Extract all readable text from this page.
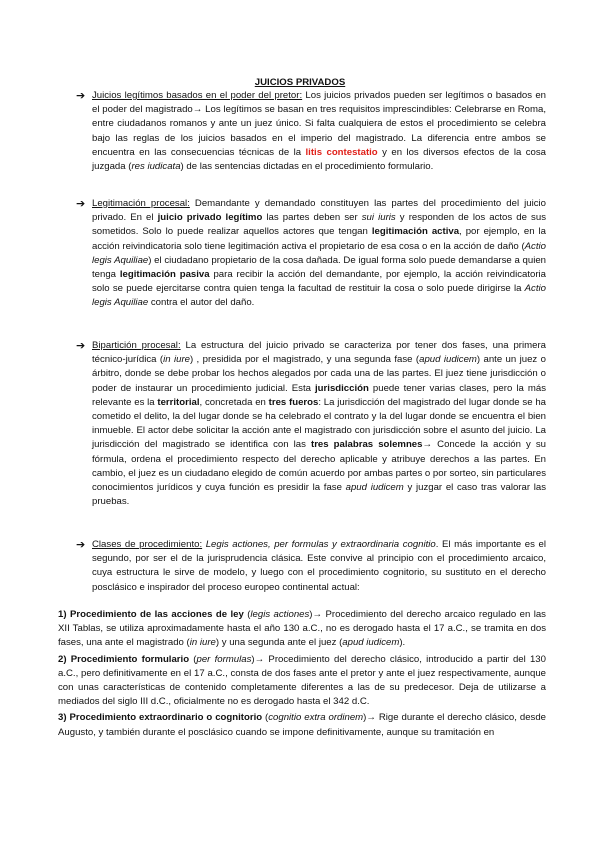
JUICIOS PRIVADOS
➔ Juicios legítimos basados en el poder del pretor: Los juicios privados pueden ser legítimos o basados en el poder del magistrado→ Los legítimos se basan en tres requisitos imprescindibles: Celebrarse en Roma, entre ciudadanos romanos y ante un juez único. Si falta cualquiera de estos el procedimiento se celebra bajo las reglas de los juicios basados en el imperio del magistrado. La diferencia entre ambos se encuentra en las consecuencias técnicas de la litis contestatio y en los diversos efectos de la cosa juzgada (res iudicata) de las sentencias dictadas en el procedimiento formulario.
➔ Legitimación procesal: Demandante y demandado constituyen las partes del procedimiento del juicio privado. En el juicio privado legítimo las partes deben ser sui iuris y responden de los actos de sus sometidos. Solo lo puede realizar aquellos actores que tengan legitimación activa, por ejemplo, en la acción reivindicatoria solo tiene legitimación activa el propietario de esa cosa o en la acción de daño (Actio legis Aquiliae) el ciudadano propietario de la cosa dañada. De igual forma solo puede demandarse a quien tenga legitimación pasiva para recibir la acción del demandante, por ejemplo, la acción reivindicatoria solo se puede ejercitarse contra quien tenga la facultad de restituir la cosa o solo puede dirigirse la Actio legis Aquiliae contra el autor del daño.
➔ Bipartición procesal: La estructura del juicio privado se caracteriza por tener dos fases, una primera técnico-jurídica (in iure) , presidida por el magistrado, y una segunda fase (apud iudicem) ante un juez o árbitro, donde se debe probar los hechos alegados por cada una de las partes. El juez tiene jurisdicción o poder de instaurar un procedimiento judicial. Esta jurisdicción puede tener varias clases, pero la más relevante es la territorial, concretada en tres fueros: La jurisdicción del magistrado del lugar donde se ha cometido el delito, la del lugar donde se ha celebrado el contrato y la del lugar donde se encuentra el bien inmueble. El actor debe solicitar la acción ante el magistrado con jurisdicción sobre el asunto del juicio. La jurisdicción del magistrado se identifica con las tres palabras solemnes→ Concede la acción y su fórmula, ordena el procedimiento respecto del derecho aplicable y atribuye derechos a las partes. En cambio, el juez es un ciudadano elegido de común acuerdo por ambas partes o por sorteo, sin particulares conocimientos jurídicos y cuya función es presidir la fase apud iudicem y juzgar el caso tras valorar las pruebas.
➔ Clases de procedimiento: Legis actiones, per formulas y extraordinaria cognitio. El más importante es el segundo, por ser el de la jurisprudencia clásica. Este convive al principio con el procedimiento arcaico, cuya estructura le sirve de modelo, y luego con el procedimiento cognitorio, su sustituto en el derecho posclásico e inspirador del proceso europeo continental actual:
1) Procedimiento de las acciones de ley (legis actiones)→ Procedimiento del derecho arcaico regulado en las XII Tablas, se utiliza aproximadamente hasta el año 130 a.C., no es derogado hasta el 17 a.C., se tramita en dos fases, una ante el magistrado (in iure) y una segunda ante el juez (apud iudicem).
2) Procedimiento formulario (per formulas)→ Procedimiento del derecho clásico, introducido a partir del 130 a.C., pero definitivamente en el 17 a.C., consta de dos fases ante el pretor y ante el juez respectivamente, aunque con unas características de contenido completamente diferentes a las de su predecesor. Deja de utilizarse a mediados del siglo III d.C., oficialmente no es derogado hasta el 342 d.C.
3) Procedimiento extraordinario o cognitorio (cognitio extra ordinem)→ Rige durante el derecho clásico, desde Augusto, y también durante el posclásico cuando se impone definitivamente, aunque su tramitación en
